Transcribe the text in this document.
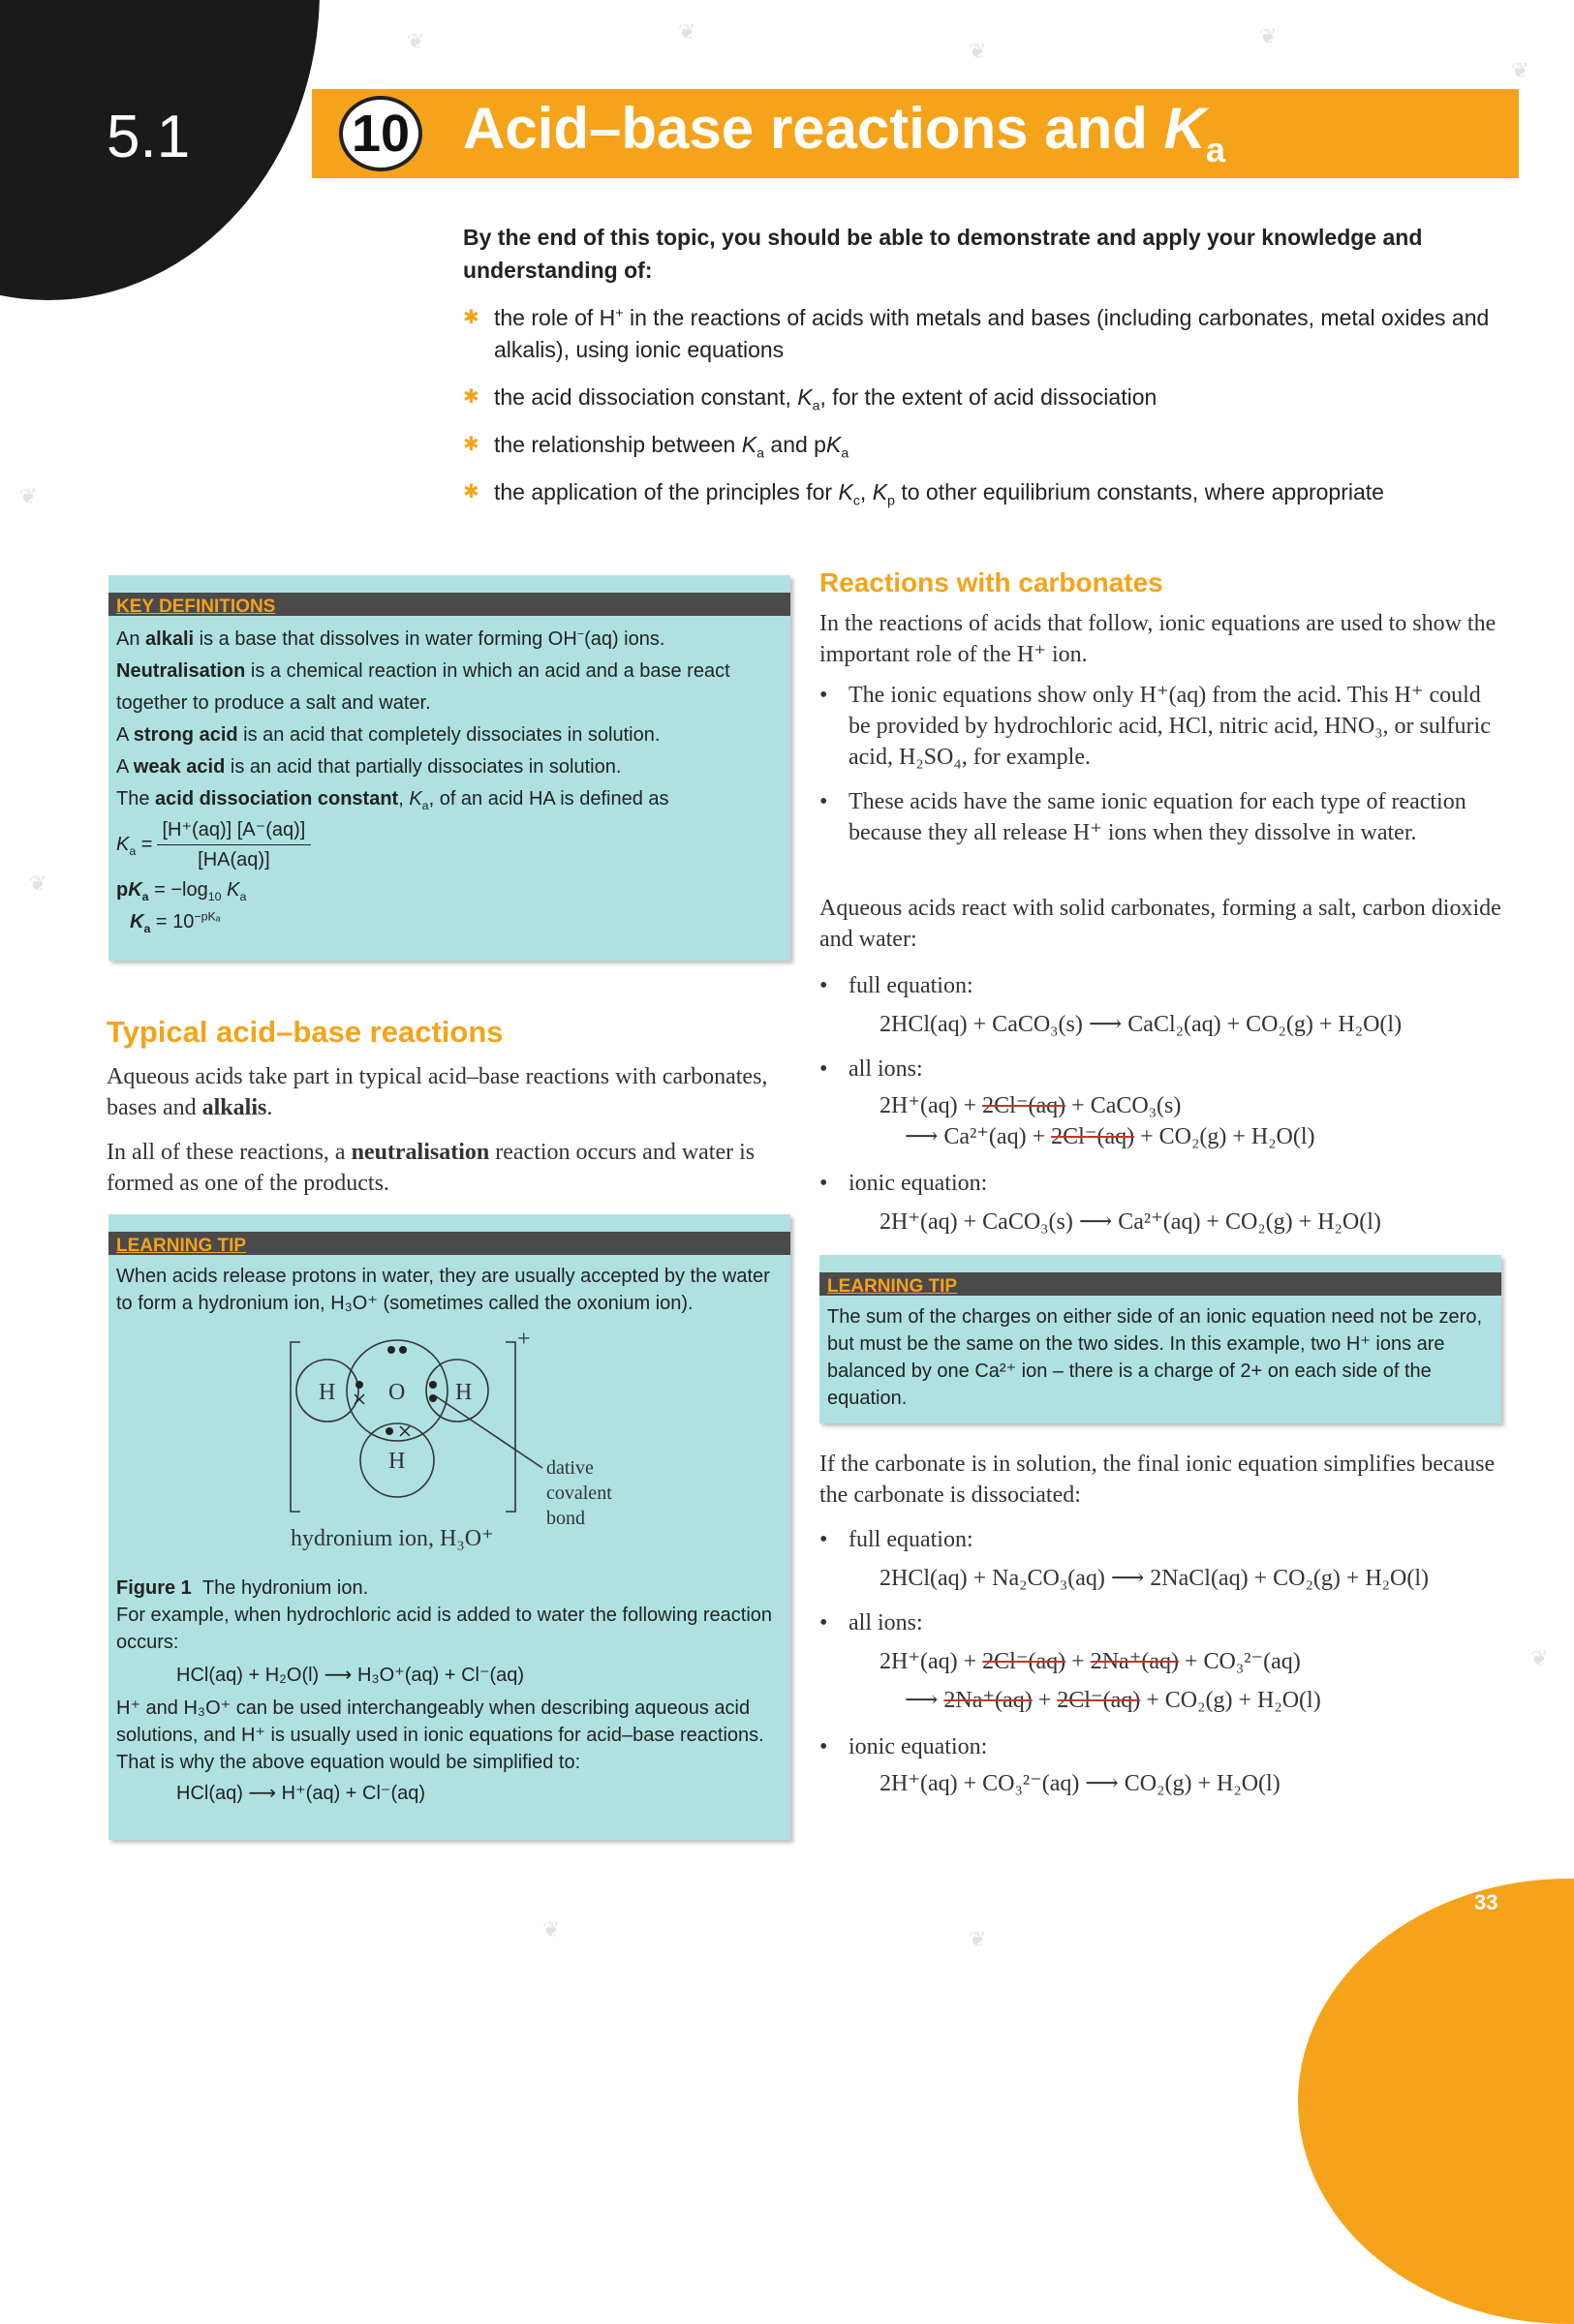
❦	❦
❦
❦
❦
❦
❦
❦
❦	❦
5.1	10 Acid–base reactions and $K_a$
By the end of this topic, you should be able to demonstrate and apply your knowledge and understanding of:
✱ the role of H+ in the reactions of acids with metals and bases (including carbonates, metal oxides and alkalis), using ionic equations
✱ the acid dissociation constant, $K_a$, for the extent of acid dissociation
✱ the relationship between $K_a$ and $pK_a$
✱ the application of the principles for $K_c$, $K_p$ to other equilibrium constants, where appropriate
KEY DEFINITIONS

An alkali is a base that dissolves in water forming OH−(aq) ions.

Neutralisation is a chemical reaction in which an acid and a base react together to produce a salt and water.

A strong acid is an acid that completely dissociates in solution.

A weak acid is an acid that partially dissociates in solution.

The acid dissociation constant, $K_a$, of an acid HA is defined as

$K_a = \frac{[H^+(aq)] [A^-(aq)]}{[HA(aq)]}$
$pK_a = -\log_{10}$ $K_a$
$K_a = 10^{-pK_a}$
Typical acid–base reactions
Aqueous acids take part in typical acid–base reactions with carbonates, bases and alkalis.
In all of these reactions, a neutralisation reaction occurs and water is formed as one of the products.
LEARNING TIP
When acids release protons in water, they are usually accepted by the water to form a hydronium ion, H₃O⁺ (sometimes called the oxonium ion).
H O H
H
+
dative
covalent
bond
hydronium ion, H₃O⁺
Figure 1 The hydronium ion.
For example, when hydrochloric acid is added to water the following reaction occurs:
HCl(aq) + H₂O(l) ⟶ H₃O⁺(aq) + Cl⁻(aq)
H⁺ and H₃O⁺ can be used interchangeably when describing aqueous acid solutions, and H⁺ is usually used in ionic equations for acid–base reactions. That is why the above equation would be simplified to:
HCl(aq) ⟶ H⁺(aq) + Cl⁻(aq)
Reactions with carbonates
In the reactions of acids that follow, ionic equations are used to show the important role of the H⁺ ion.
• The ionic equations show only H⁺(aq) from the acid. This H⁺ could be provided by hydrochloric acid, HCl, nitric acid, HNO₃, or sulfuric acid, H₂SO₄, for example.
• These acids have the same ionic equation for each type of reaction because they all release H⁺ ions when they dissolve in water.
Aqueous acids react with solid carbonates, forming a salt, carbon dioxide and water:
• full equation:
2HCl(aq) + CaCO₃(s) ⟶ CaCl₂(aq) + CO₂(g) + H₂O(l)
• all ions:
2H⁺(aq) + 2Cl⁻(aq) + CaCO₃(s)
⟶ Ca²⁺(aq) + 2Cl⁻(aq) + CO₂(g) + H₂O(l)
• ionic equation:
2H⁺(aq) + CaCO₃(s) ⟶ Ca²⁺(aq) + CO₂(g) + H₂O(l)
LEARNING TIP
The sum of the charges on either side of an ionic equation need not be zero, but must be the same on the two sides. In this example, two H⁺ ions are balanced by one Ca²⁺ ion – there is a charge of 2+ on each side of the equation.
If the carbonate is in solution, the final ionic equation simplifies because the carbonate is dissociated:
• full equation:
2HCl(aq) + Na₂CO₃(aq) ⟶ 2NaCl(aq) + CO₂(g) + H₂O(l)
• all ions:
2H⁺(aq) + 2Cl⁻(aq) + 2Na⁺(aq) + CO₃²⁻(aq)
⟶ 2Na⁺(aq) + 2Cl⁻(aq) + CO₂(g) + H₂O(l)
• ionic equation:
2H⁺(aq) + CO₃²⁻(aq) ⟶ CO₂(g) + H₂O(l)
33
